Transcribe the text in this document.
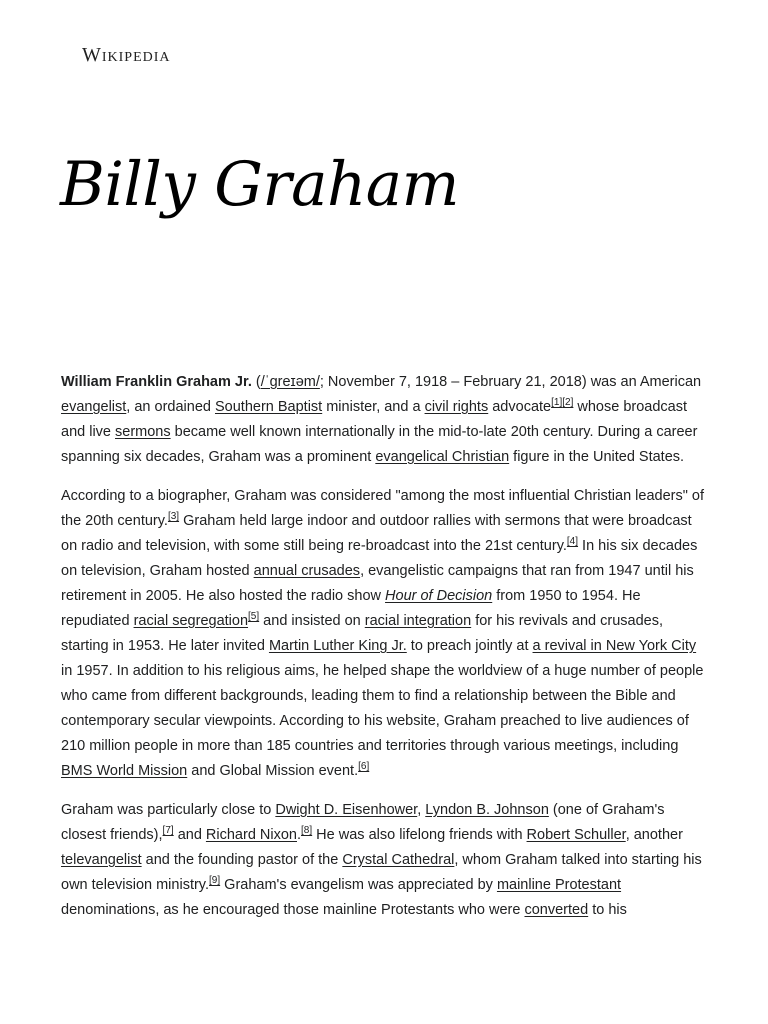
Wikipedia
Billy Graham

William Franklin Graham Jr. (/ˈɡreɪəm/; November 7, 1918 – February 21, 2018) was an American evangelist, an ordained Southern Baptist minister, and a civil rights advocate[1][2] whose broadcast and live sermons became well known internationally in the mid-to-late 20th century. During a career spanning six decades, Graham was a prominent evangelical Christian figure in the United States.

According to a biographer, Graham was considered "among the most influential Christian leaders" of the 20th century.[3] Graham held large indoor and outdoor rallies with sermons that were broadcast on radio and television, with some still being re-broadcast into the 21st century.[4] In his six decades on television, Graham hosted annual crusades, evangelistic campaigns that ran from 1947 until his retirement in 2005. He also hosted the radio show Hour of Decision from 1950 to 1954. He repudiated racial segregation[5] and insisted on racial integration for his revivals and crusades, starting in 1953. He later invited Martin Luther King Jr. to preach jointly at a revival in New York City in 1957. In addition to his religious aims, he helped shape the worldview of a huge number of people who came from different backgrounds, leading them to find a relationship between the Bible and contemporary secular viewpoints. According to his website, Graham preached to live audiences of 210 million people in more than 185 countries and territories through various meetings, including BMS World Mission and Global Mission event.[6]

Graham was particularly close to Dwight D. Eisenhower, Lyndon B. Johnson (one of Graham's closest friends),[7] and Richard Nixon.[8] He was also lifelong friends with Robert Schuller, another televangelist and the founding pastor of the Crystal Cathedral, whom Graham talked into starting his own television ministry.[9] Graham's evangelism was appreciated by mainline Protestant denominations, as he encouraged those mainline Protestants who were converted to his
